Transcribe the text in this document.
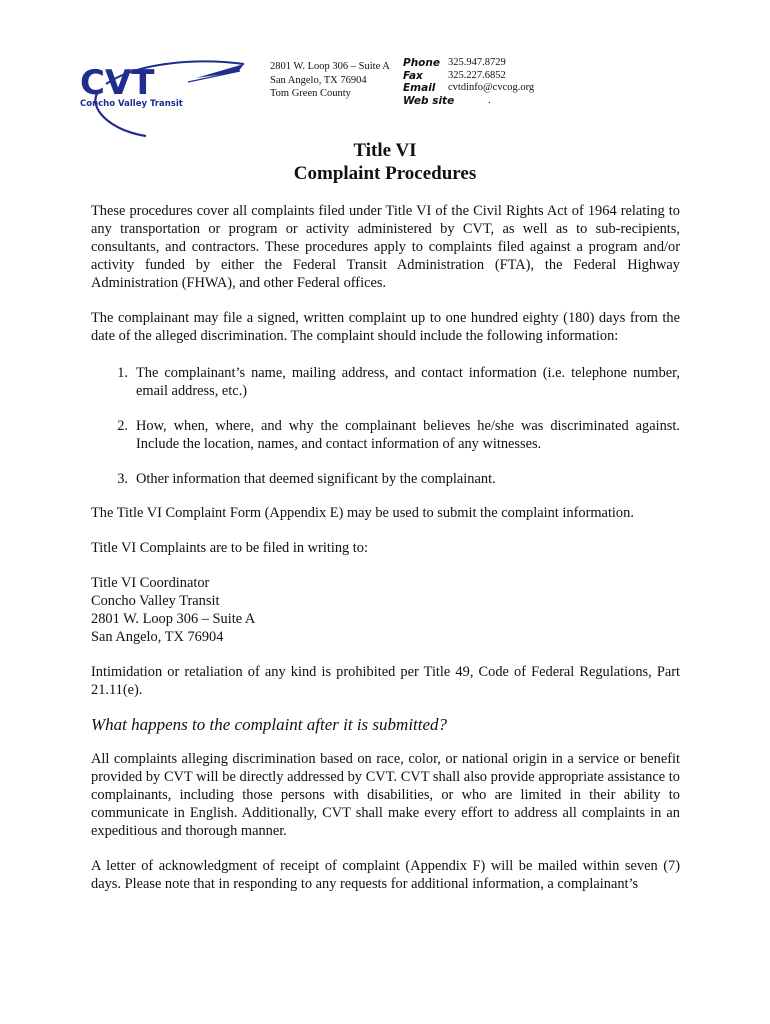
CVT
Concho Valley Transit
2801 W. Loop 306 – Suite A
San Angelo, TX 76904
Tom Green County
Phone 325.947.8729
Fax	325.227.6852
Email	cvtdinfo@cvcog.org
Web site	.
Title VI
Complaint Procedures

These procedures cover all complaints filed under Title VI of the Civil Rights Act of 1964 relating to any transportation or program or activity administered by CVT, as well as to sub-recipients, consultants, and contractors. These procedures apply to complaints filed against a program and/or activity funded by either the Federal Transit Administration (FTA), the Federal Highway Administration (FHWA), and other Federal offices.

The complainant may file a signed, written complaint up to one hundred eighty (180) days from the date of the alleged discrimination. The complaint should include the following information:

1. The complainant’s name, mailing address, and contact information (i.e. telephone number, email address, etc.)
2. How, when, where, and why the complainant believes he/she was discriminated against. Include the location, names, and contact information of any witnesses.
3. Other information that deemed significant by the complainant.

The Title VI Complaint Form (Appendix E) may be used to submit the complaint information.

Title VI Complaints are to be filed in writing to:

Title VI Coordinator
Concho Valley Transit
2801 W. Loop 306 – Suite A
San Angelo, TX 76904

Intimidation or retaliation of any kind is prohibited per Title 49, Code of Federal Regulations, Part 21.11(e).

What happens to the complaint after it is submitted?

All complaints alleging discrimination based on race, color, or national origin in a service or benefit provided by CVT will be directly addressed by CVT. CVT shall also provide appropriate assistance to complainants, including those persons with disabilities, or who are limited in their ability to communicate in English. Additionally, CVT shall make every effort to address all complaints in an expeditious and thorough manner.

A letter of acknowledgment of receipt of complaint (Appendix F) will be mailed within seven (7) days. Please note that in responding to any requests for additional information, a complainant’s
